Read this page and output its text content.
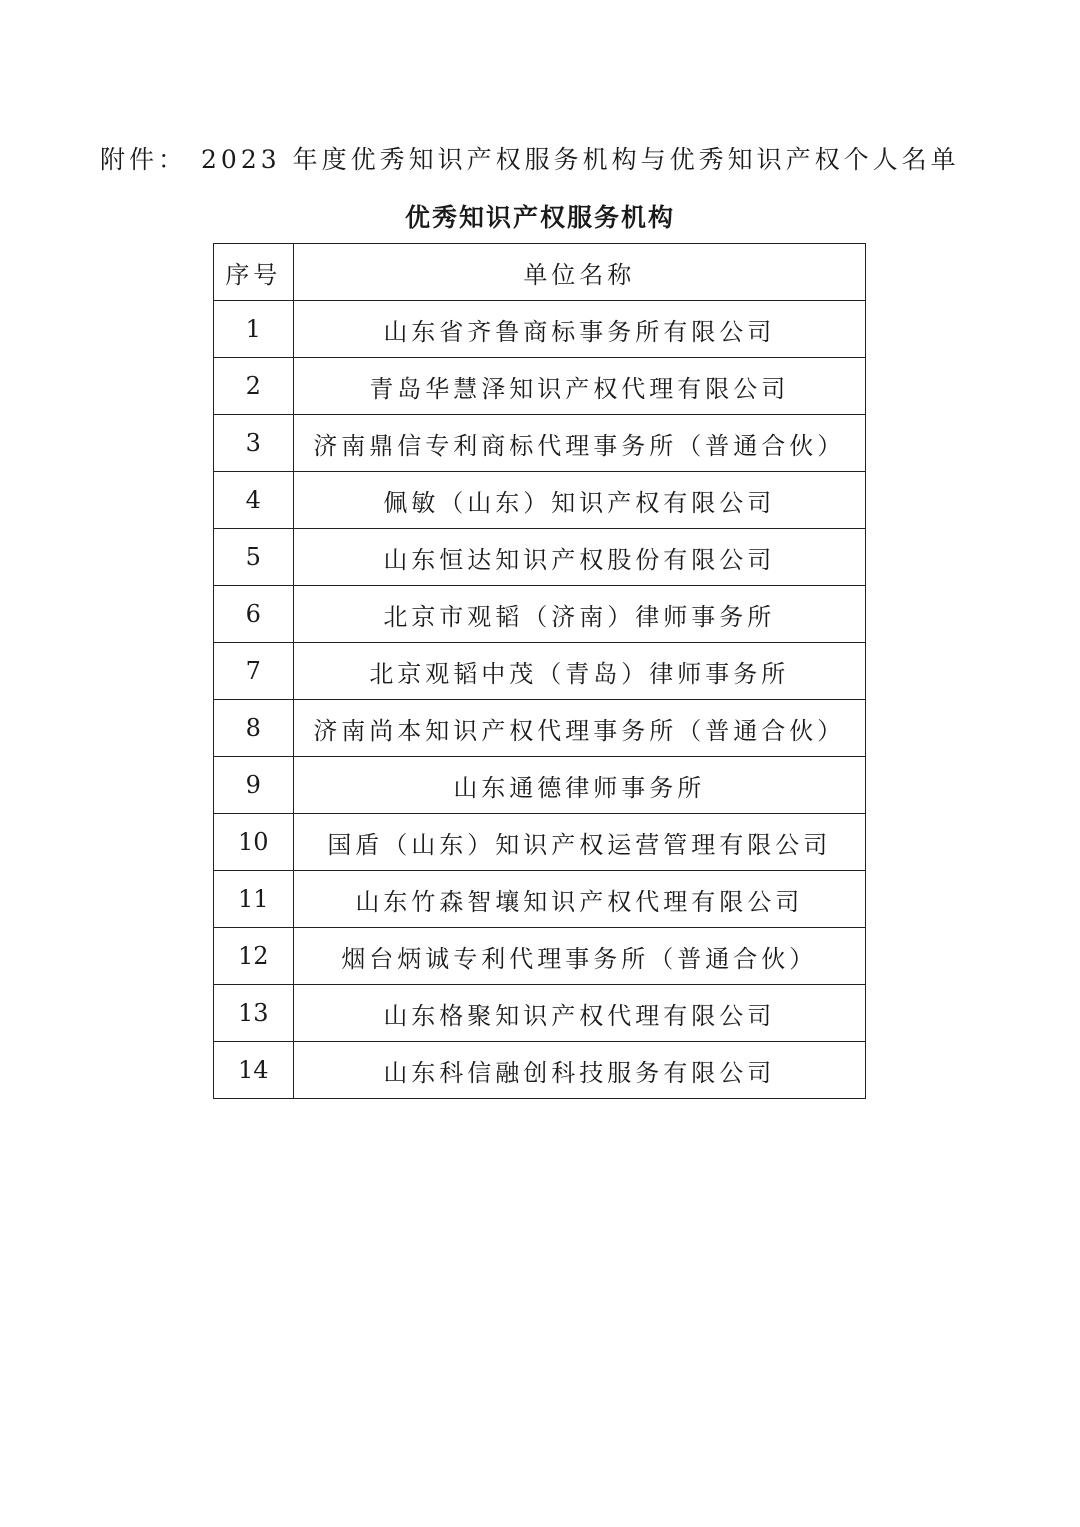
附件： 2023 年度优秀知识产权服务机构与优秀知识产权个人名单
优秀知识产权服务机构
序号	单位名称
1	山东省齐鲁商标事务所有限公司
2	青岛华慧泽知识产权代理有限公司
3	济南鼎信专利商标代理事务所（普通合伙）
4	佩敏（山东）知识产权有限公司
5	山东恒达知识产权股份有限公司
6	北京市观韬（济南）律师事务所
7	北京观韬中茂（青岛）律师事务所
8	济南尚本知识产权代理事务所（普通合伙）
9	山东通德律师事务所
10	国盾（山东）知识产权运营管理有限公司
11	山东竹森智壤知识产权代理有限公司
12	烟台炳诚专利代理事务所（普通合伙）
13	山东格聚知识产权代理有限公司
14	山东科信融创科技服务有限公司
